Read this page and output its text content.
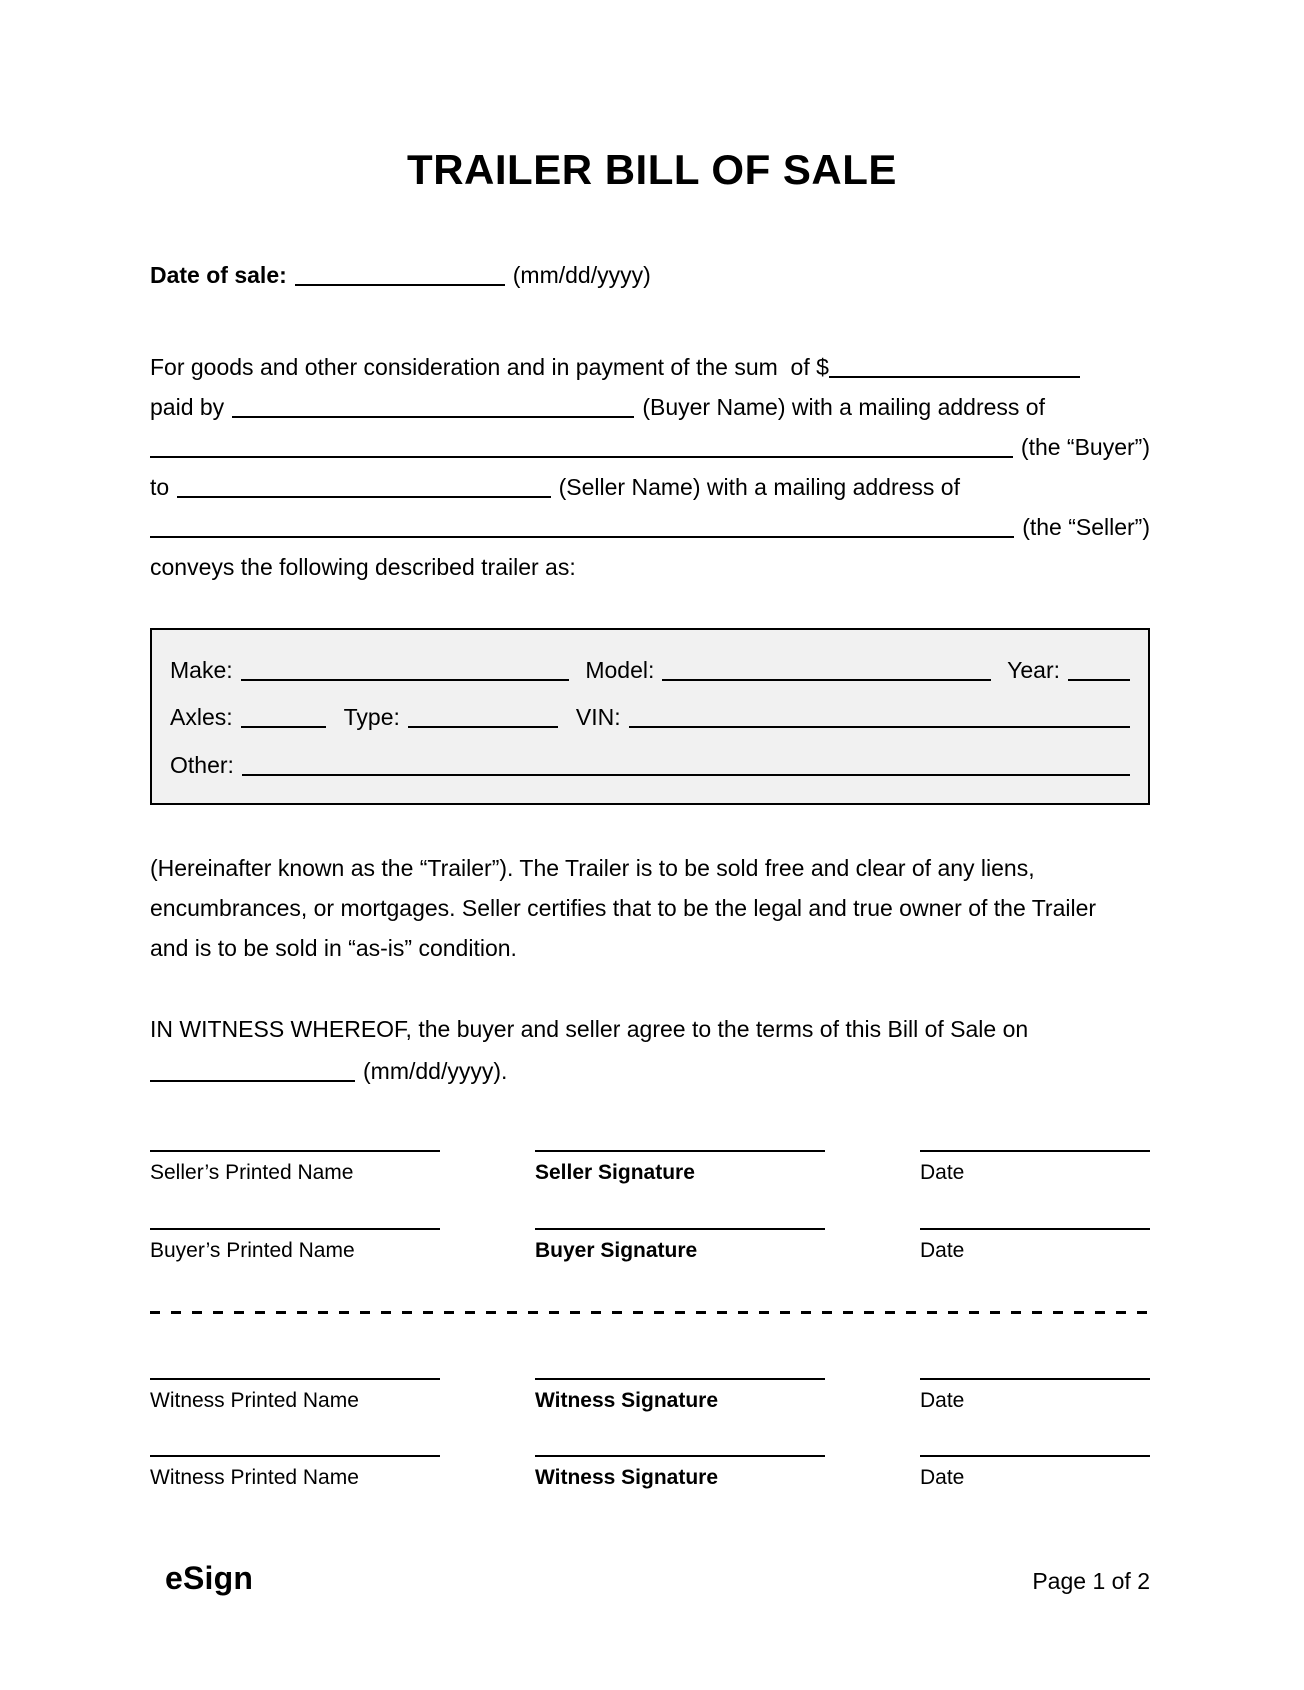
TRAILER BILL OF SALE
Date of sale:	(mm/dd/yyyy)
For goods and other consideration and in payment of the sum  of $
paid by	(Buyer Name) with a mailing address of
(the “Buyer”)
to	(Seller Name) with a mailing address of
(the “Seller”)
conveys the following described trailer as:
Make:	Model:	Year:
Axles:	Type:	VIN:
Other:
(Hereinafter known as the “Trailer”). The Trailer is to be sold free and clear of any liens,
encumbrances, or mortgages. Seller certifies that to be the legal and true owner of the Trailer
and is to be sold in “as-is” condition.
IN WITNESS WHEREOF, the buyer and seller agree to the terms of this Bill of Sale on
(mm/dd/yyyy).
Seller’s Printed Name	Seller Signature	Date
Buyer’s Printed Name	Buyer Signature	Date
Witness Printed Name	Witness Signature	Date
Witness Printed Name	Witness Signature	Date
eSign	Page 1 of 2
